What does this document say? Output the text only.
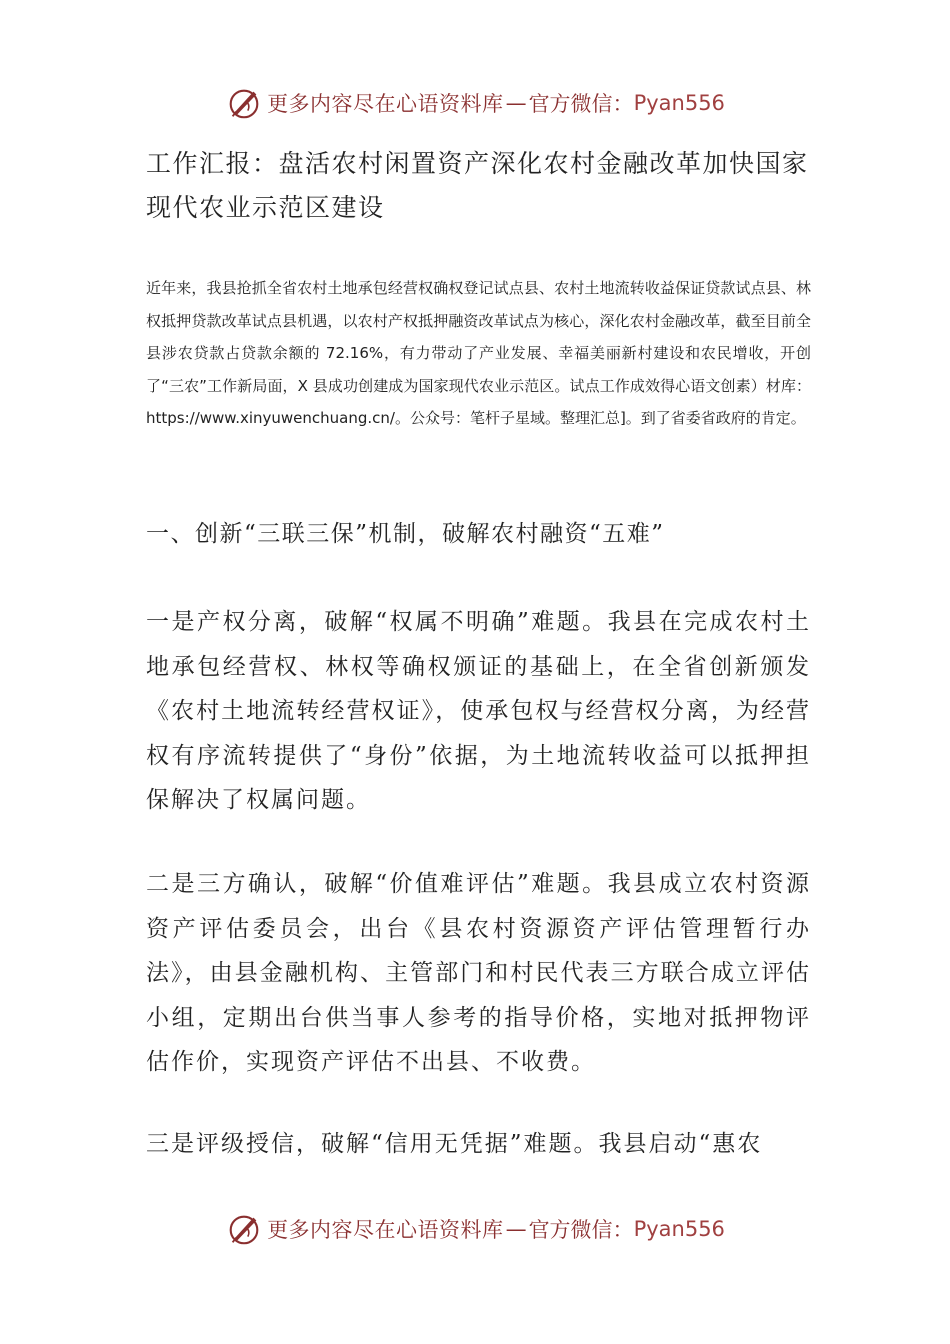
更多内容尽在心语资料库 — 官方微信： Pyan556
工作汇报：盘活农村闲置资产深化农村金融改革加快国家现代农业示范区建设

近年来，我县抢抓全省农村土地承包经营权确权登记试点县、农村土地流转收益保证贷款试点县、林权抵押贷款改革试点县机遇，以农村产权抵押融资改革试点为核心，深化农村金融改革，截至目前全县涉农贷款占贷款余额的 72.16%，有力带动了产业发展、幸福美丽新村建设和农民增收，开创了“三农”工作新局面，X 县成功创建成为国家现代农业示范区。试点工作成效得心语文创素）材库：https://www.xinyuwenchuang.cn/。公众号：笔杆子星域。整理汇总]。到了省委省政府的肯定。

一、创新“三联三保”机制，破解农村融资“五难”

一是产权分离，破解“权属不明确”难题。我县在完成农村土地承包经营权、林权等确权颁证的基础上，在全省创新颁发《农村土地流转经营权证》，使承包权与经营权分离，为经营权有序流转提供了“身份”依据，为土地流转收益可以抵押担保解决了权属问题。

二是三方确认，破解“价值难评估”难题。我县成立农村资源资产评估委员会，出台《县农村资源资产评估管理暂行办法》，由县金融机构、主管部门和村民代表三方联合成立评估小组，定期出台供当事人参考的指导价格，实地对抵押物评估作价，实现资产评估不出县、不收费。

三是评级授信，破解“信用无凭据”难题。我县启动“惠农

更多内容尽在心语资料库 — 官方微信： Pyan556
